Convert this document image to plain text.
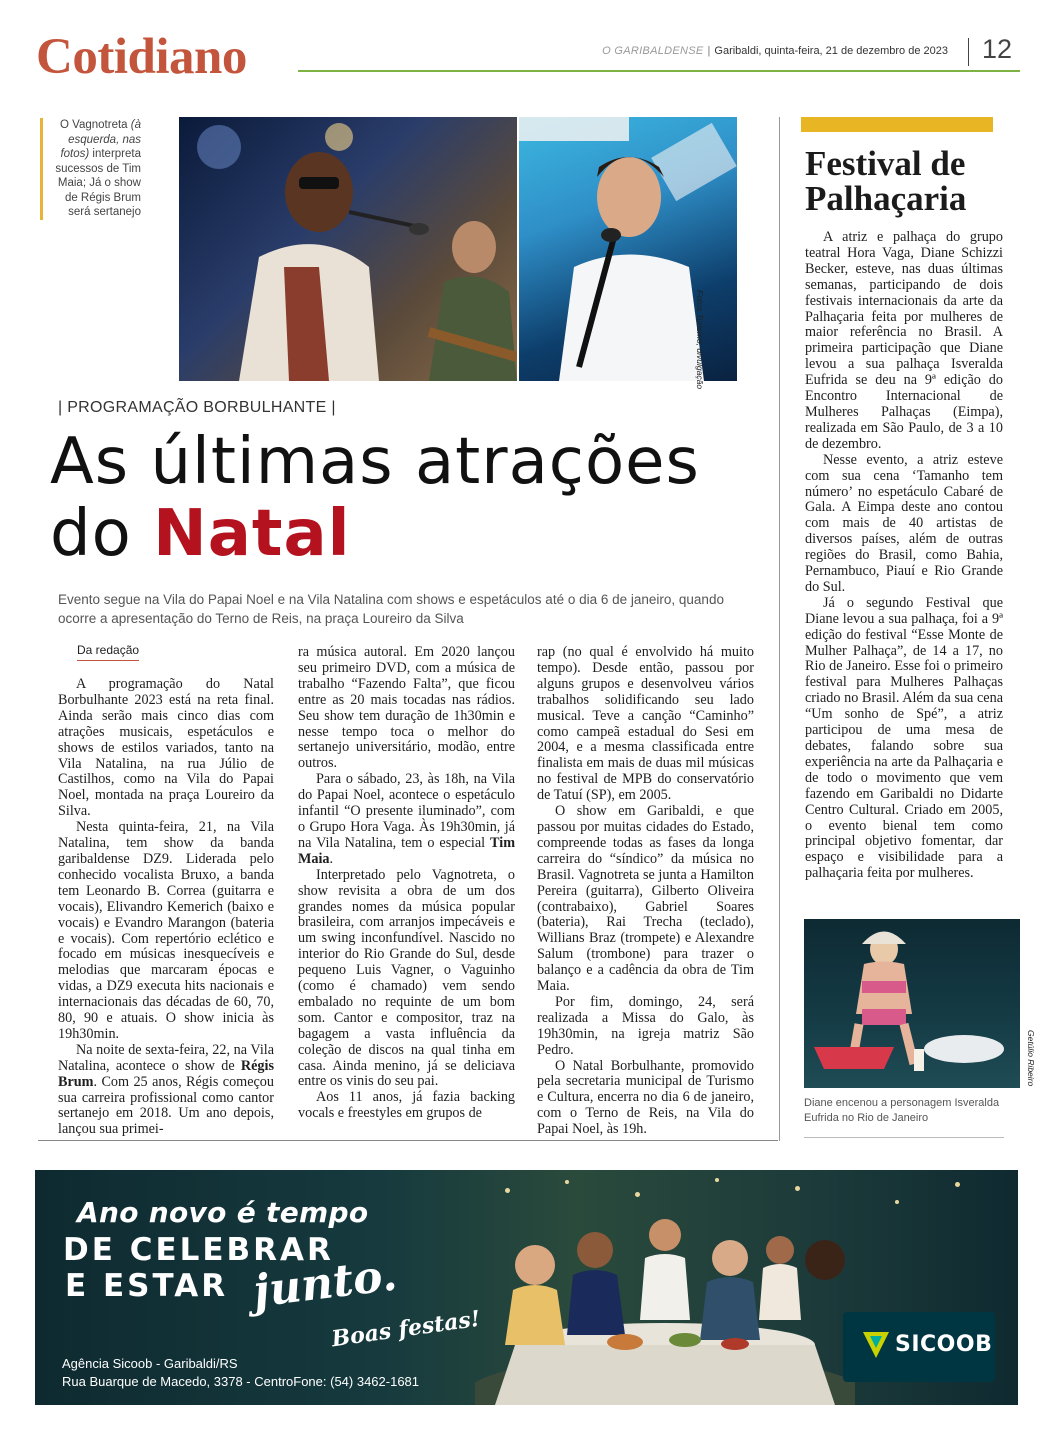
Cotidiano	O GARIBALDENSE | Garibaldi, quinta-feira, 21 de dezembro de 2023 12
O Vagnotreta (à esquerda, nas fotos) interpreta sucessos de Tim Maia; Já o show de Régis Brum será sertanejo
Fotos Turismo, divulgação
| PROGRAMAÇÃO BORBULHANTE |
As últimas atrações do Natal
Evento segue na Vila do Papai Noel e na Vila Natalina com shows e espetáculos até o dia 6 de janeiro, quando ocorre a apresentação do Terno de Reis, na praça Loureiro da Silva
Da redação

A programação do Natal Borbulhante 2023 está na reta final. Ainda serão mais cinco dias com atrações musicais, espetáculos e shows de estilos variados, tanto na Vila Natalina, na rua Júlio de Castilhos, como na Vila do Papai Noel, montada na praça Loureiro da Silva.

Nesta quinta-feira, 21, na Vila Natalina, tem show da banda garibaldense DZ9. Liderada pelo conhecido vocalista Bruxo, a banda tem Leonardo B. Correa (guitarra e vocais), Elivandro Kemerich (baixo e vocais) e Evandro Marangon (bateria e vocais). Com repertório eclético e focado em músicas inesquecíveis e melodias que marcaram épocas e vidas, a DZ9 executa hits nacionais e internacionais das décadas de 60, 70, 80, 90 e atuais. O show inicia às 19h30min.

Na noite de sexta-feira, 22, na Vila Natalina, acontece o show de Régis Brum. Com 25 anos, Régis começou sua carreira profissional como cantor sertanejo em 2018. Um ano depois, lançou sua primei-

ra música autoral. Em 2020 lançou seu primeiro DVD, com a música de trabalho “Fazendo Falta”, que ficou entre as 20 mais tocadas nas rádios. Seu show tem duração de 1h30min e nesse tempo toca o melhor do sertanejo universitário, modão, entre outros.

Para o sábado, 23, às 18h, na Vila do Papai Noel, acontece o espetáculo infantil “O presente iluminado”, com o Grupo Hora Vaga. Às 19h30min, já na Vila Natalina, tem o especial Tim Maia.

Interpretado pelo Vagnotreta, o show revisita a obra de um dos grandes nomes da música popular brasileira, com arranjos impecáveis e um swing inconfundível. Nascido no interior do Rio Grande do Sul, desde pequeno Luis Vagner, o Vaguinho (como é chamado) vem sendo embalado no requinte de um bom som. Cantor e compositor, traz na bagagem a vasta influência da coleção de discos na qual tinha em casa. Ainda menino, já se deliciava entre os vinis do seu pai.

Aos 11 anos, já fazia backing vocals e freestyles em grupos de

rap (no qual é envolvido há muito tempo). Desde então, passou por alguns grupos e desenvolveu vários trabalhos solidificando seu lado musical. Teve a canção “Caminho” como campeã estadual do Sesi em 2004, e a mesma classificada entre finalista em mais de duas mil músicas no festival de MPB do conservatório de Tatuí (SP), em 2005.

O show em Garibaldi, e que passou por muitas cidades do Estado, compreende todas as fases da longa carreira do “síndico” da música no Brasil. Vagnotreta se junta a Hamilton Pereira (guitarra), Gilberto Oliveira (contrabaixo), Gabriel Soares (bateria), Rai Trecha (teclado), Willians Braz (trompete) e Alexandre Salum (trombone) para trazer o balanço e a cadência da obra de Tim Maia.

Por fim, domingo, 24, será realizada a Missa do Galo, às 19h30min, na igreja matriz São Pedro.

O Natal Borbulhante, promovido pela secretaria municipal de Turismo e Cultura, encerra no dia 6 de janeiro, com o Terno de Reis, na Vila do Papai Noel, às 19h.

Festival de Palhaçaria

A atriz e palhaça do grupo teatral Hora Vaga, Diane Schizzi Becker, esteve, nas duas últimas semanas, participando de dois festivais internacionais da arte da Palhaçaria feita por mulheres de maior referência no Brasil. A primeira participação que Diane levou a sua palhaça Isveralda Eufrida se deu na 9ª edição do Encontro Internacional de Mulheres Palhaças (Eimpa), realizada em São Paulo, de 3 a 10 de dezembro.

Nesse evento, a atriz esteve com sua cena ‘Tamanho tem número’ no espetáculo Cabaré de Gala. A Eimpa deste ano contou com mais de 40 artistas de diversos países, além de outras regiões do Brasil, como Bahia, Pernambuco, Piauí e Rio Grande do Sul.

Já o segundo Festival que Diane levou a sua palhaça, foi a 9ª edição do festival “Esse Monte de Mulher Palhaça”, de 14 a 17, no Rio de Janeiro. Esse foi o primeiro festival para Mulheres Palhaças criado no Brasil. Além da sua cena “Um sonho de Spé”, a atriz participou de uma mesa de debates, falando sobre sua experiência na arte da Palhaçaria e de todo o movimento que vem fazendo em Garibaldi no Didarte Centro Cultural. Criado em 2005, o evento bienal tem como principal objetivo fomentar, dar espaço e visibilidade para a palhaçaria feita por mulheres.

Getúlio Ribeiro
Diane encenou a personagem Isveralda Eufrida no Rio de Janeiro
Ano novo é tempo
DE CELEBRAR
E ESTAR junto.
Boas festas!
Agência Sicoob - Garibaldi/RS
Rua Buarque de Macedo, 3378 - CentroFone: (54) 3462-1681
SICOOB
